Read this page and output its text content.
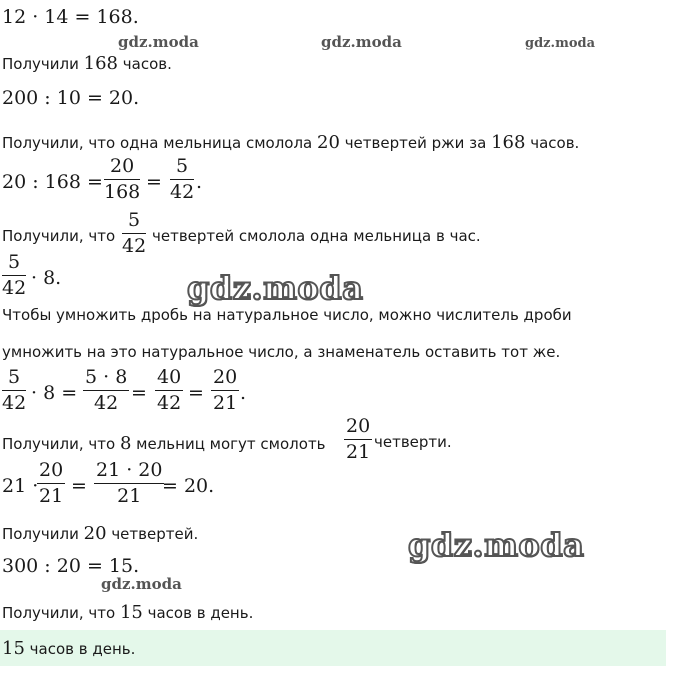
gdz.moda	gdz.moda	gdz.moda
gdz.moda
gdz.moda
gdz.moda
12 · 14 = 168.
Получили 168 часов.
200 : 10 = 20.
Получили, что одна мельница смолола 20 четвертей ржи за 168 часов.
20 : $168 = \frac{20}{168} = \frac{5}{42}$ .
Получили, что $\frac{5}{42}$ четвертей смолола одна мельница в час.
$\frac{5}{42} \cdot 8$.
Чтобы умножить дробь на натуральное число, можно числитель дроби
умножить на это натуральное число, а знаменатель оставить тот же.
$\frac{5}{42} \cdot 8 = \frac{5 \cdot 8}{42} = \frac{40}{42} = \frac{20}{21}$ .
Получили, что 8 мельниц могут смолоть $\frac{20}{21}$ четверти.
21 ·
$\frac{20}{21} = \frac{21 \cdot 20}{21}$
= 20.
Получили 20 четвертей.
300 : 20 = 15.
Получили, что 15 часов в день.
15 часов в день.
